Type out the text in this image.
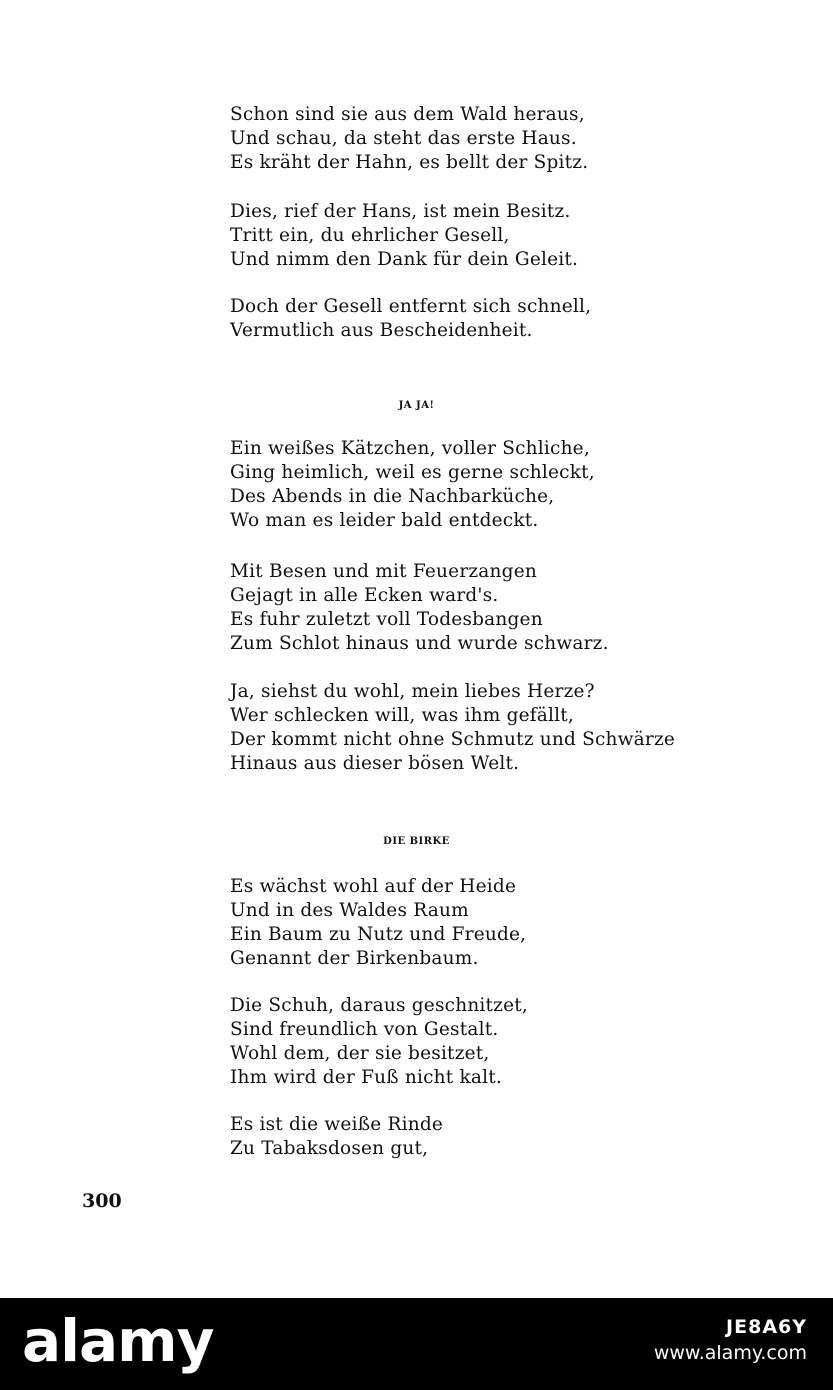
Schon sind sie aus dem Wald heraus,
Und schau, da steht das erste Haus.
Es kräht der Hahn, es bellt der Spitz.
Dies, rief der Hans, ist mein Besitz.
Tritt ein, du ehrlicher Gesell,
Und nimm den Dank für dein Geleit.
Doch der Gesell entfernt sich schnell,
Vermutlich aus Bescheidenheit.

JA JA!

Ein weißes Kätzchen, voller Schliche,
Ging heimlich, weil es gerne schleckt,
Des Abends in die Nachbarküche,
Wo man es leider bald entdeckt.
Mit Besen und mit Feuerzangen
Gejagt in alle Ecken ward's.
Es fuhr zuletzt voll Todesbangen
Zum Schlot hinaus und wurde schwarz.
Ja, siehst du wohl, mein liebes Herze?
Wer schlecken will, was ihm gefällt,
Der kommt nicht ohne Schmutz und Schwärze
Hinaus aus dieser bösen Welt.

DIE BIRKE

Es wächst wohl auf der Heide
Und in des Waldes Raum
Ein Baum zu Nutz und Freude,
Genannt der Birkenbaum.
Die Schuh, daraus geschnitzet,
Sind freundlich von Gestalt.
Wohl dem, der sie besitzet,
Ihm wird der Fuß nicht kalt.
Es ist die weiße Rinde
Zu Tabaksdosen gut,
300
alamy	JE8A6Y
www.alamy.com
